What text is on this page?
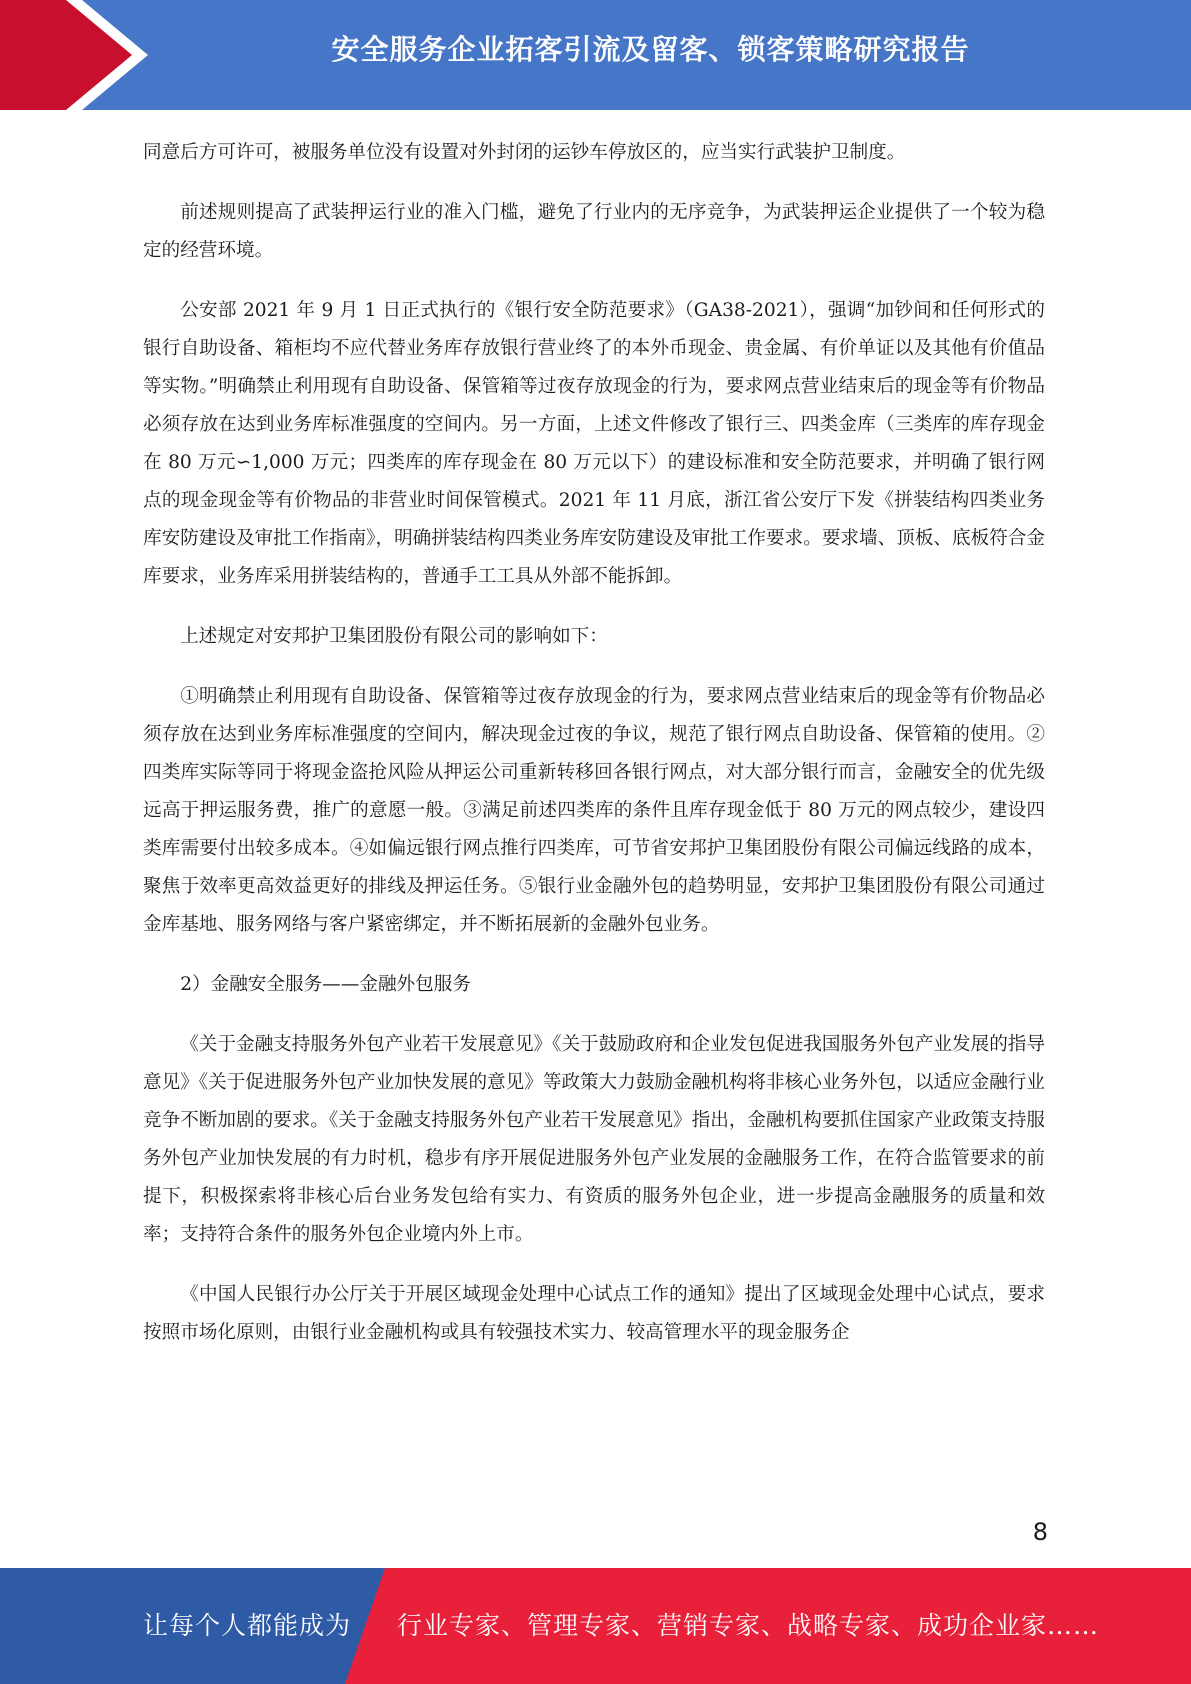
安全服务企业拓客引流及留客、锁客策略研究报告

同意后方可许可，被服务单位没有设置对外封闭的运钞车停放区的，应当实行武装护卫制度。

前述规则提高了武装押运行业的准入门槛，避免了行业内的无序竞争，为武装押运企业提供了一个较为稳定的经营环境。

公安部 2021 年 9 月 1 日正式执行的《银行安全防范要求》（GA38-2021），强调“加钞间和任何形式的银行自助设备、箱柜均不应代替业务库存放银行营业终了的本外币现金、贵金属、有价单证以及其他有价值品等实物。”明确禁止利用现有自助设备、保管箱等过夜存放现金的行为，要求网点营业结束后的现金等有价物品必须存放在达到业务库标准强度的空间内。另一方面，上述文件修改了银行三、四类金库（三类库的库存现金在 80 万元∽1,000 万元；四类库的库存现金在 80 万元以下）的建设标准和安全防范要求，并明确了银行网点的现金现金等有价物品的非营业时间保管模式。2021 年 11 月底，浙江省公安厅下发《拼装结构四类业务库安防建设及审批工作指南》，明确拼装结构四类业务库安防建设及审批工作要求。要求墙、顶板、底板符合金库要求，业务库采用拼装结构的，普通手工工具从外部不能拆卸。

上述规定对安邦护卫集团股份有限公司的影响如下：

①明确禁止利用现有自助设备、保管箱等过夜存放现金的行为，要求网点营业结束后的现金等有价物品必须存放在达到业务库标准强度的空间内，解决现金过夜的争议，规范了银行网点自助设备、保管箱的使用。②四类库实际等同于将现金盗抢风险从押运公司重新转移回各银行网点，对大部分银行而言，金融安全的优先级远高于押运服务费，推广的意愿一般。③满足前述四类库的条件且库存现金低于 80 万元的网点较少，建设四类库需要付出较多成本。④如偏远银行网点推行四类库，可节省安邦护卫集团股份有限公司偏远线路的成本，聚焦于效率更高效益更好的排线及押运任务。⑤银行业金融外包的趋势明显，安邦护卫集团股份有限公司通过金库基地、服务网络与客户紧密绑定，并不断拓展新的金融外包业务。

2）金融安全服务——金融外包服务

《关于金融支持服务外包产业若干发展意见》《关于鼓励政府和企业发包促进我国服务外包产业发展的指导意见》《关于促进服务外包产业加快发展的意见》等政策大力鼓励金融机构将非核心业务外包，以适应金融行业竞争不断加剧的要求。《关于金融支持服务外包产业若干发展意见》指出，金融机构要抓住国家产业政策支持服务外包产业加快发展的有力时机，稳步有序开展促进服务外包产业发展的金融服务工作，在符合监管要求的前提下，积极探索将非核心后台业务发包给有实力、有资质的服务外包企业，进一步提高金融服务的质量和效率；支持符合条件的服务外包企业境内外上市。

《中国人民银行办公厅关于开展区域现金处理中心试点工作的通知》提出了区域现金处理中心试点，要求按照市场化原则，由银行业金融机构或具有较强技术实力、较高管理水平的现金服务企

8
让每个人都能成为 行业专家、管理专家、营销专家、战略专家、成功企业家……
